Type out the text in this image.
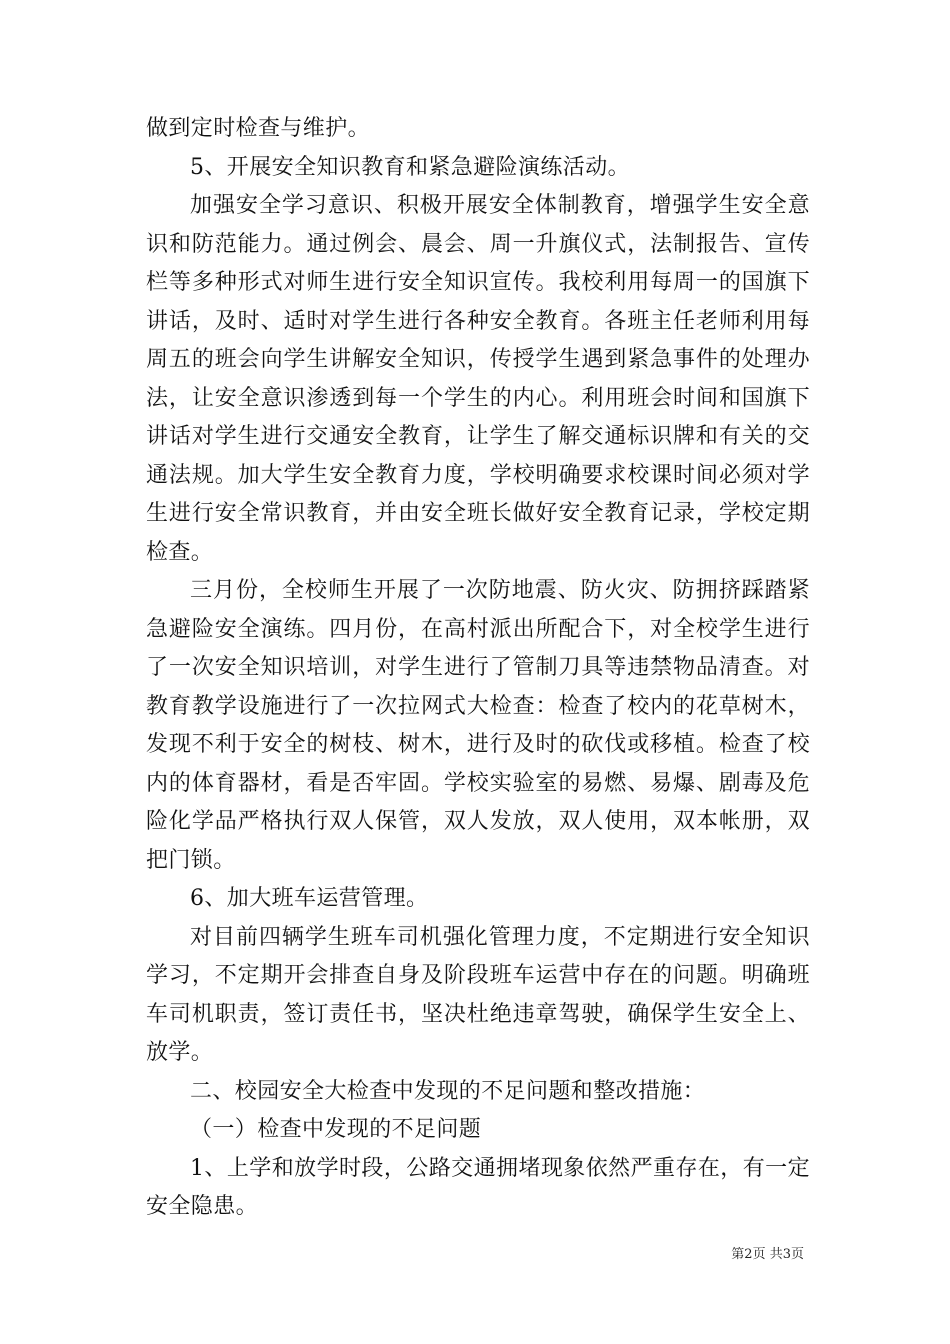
做到定时检查与维护。

5、开展安全知识教育和紧急避险演练活动。

加强安全学习意识、积极开展安全体制教育，增强学生安全意识和防范能力。通过例会、晨会、周一升旗仪式，法制报告、宣传栏等多种形式对师生进行安全知识宣传。我校利用每周一的国旗下讲话，及时、适时对学生进行各种安全教育。各班主任老师利用每周五的班会向学生讲解安全知识，传授学生遇到紧急事件的处理办法，让安全意识渗透到每一个学生的内心。利用班会时间和国旗下讲话对学生进行交通安全教育，让学生了解交通标识牌和有关的交通法规。加大学生安全教育力度，学校明确要求校课时间必须对学生进行安全常识教育，并由安全班长做好安全教育记录，学校定期检查。

三月份，全校师生开展了一次防地震、防火灾、防拥挤踩踏紧急避险安全演练。四月份，在高村派出所配合下，对全校学生进行了一次安全知识培训，对学生进行了管制刀具等违禁物品清查。对教育教学设施进行了一次拉网式大检查：检查了校内的花草树木，发现不利于安全的树枝、树木，进行及时的砍伐或移植。检查了校内的体育器材，看是否牢固。学校实验室的易燃、易爆、剧毒及危险化学品严格执行双人保管，双人发放，双人使用，双本帐册，双把门锁。

6、加大班车运营管理。

对目前四辆学生班车司机强化管理力度，不定期进行安全知识学习，不定期开会排查自身及阶段班车运营中存在的问题。明确班车司机职责，签订责任书，坚决杜绝违章驾驶，确保学生安全上、放学。

二、校园安全大检查中发现的不足问题和整改措施：

（一）检查中发现的不足问题

1、上学和放学时段，公路交通拥堵现象依然严重存在，有一定安全隐患。

第2页 共3页
